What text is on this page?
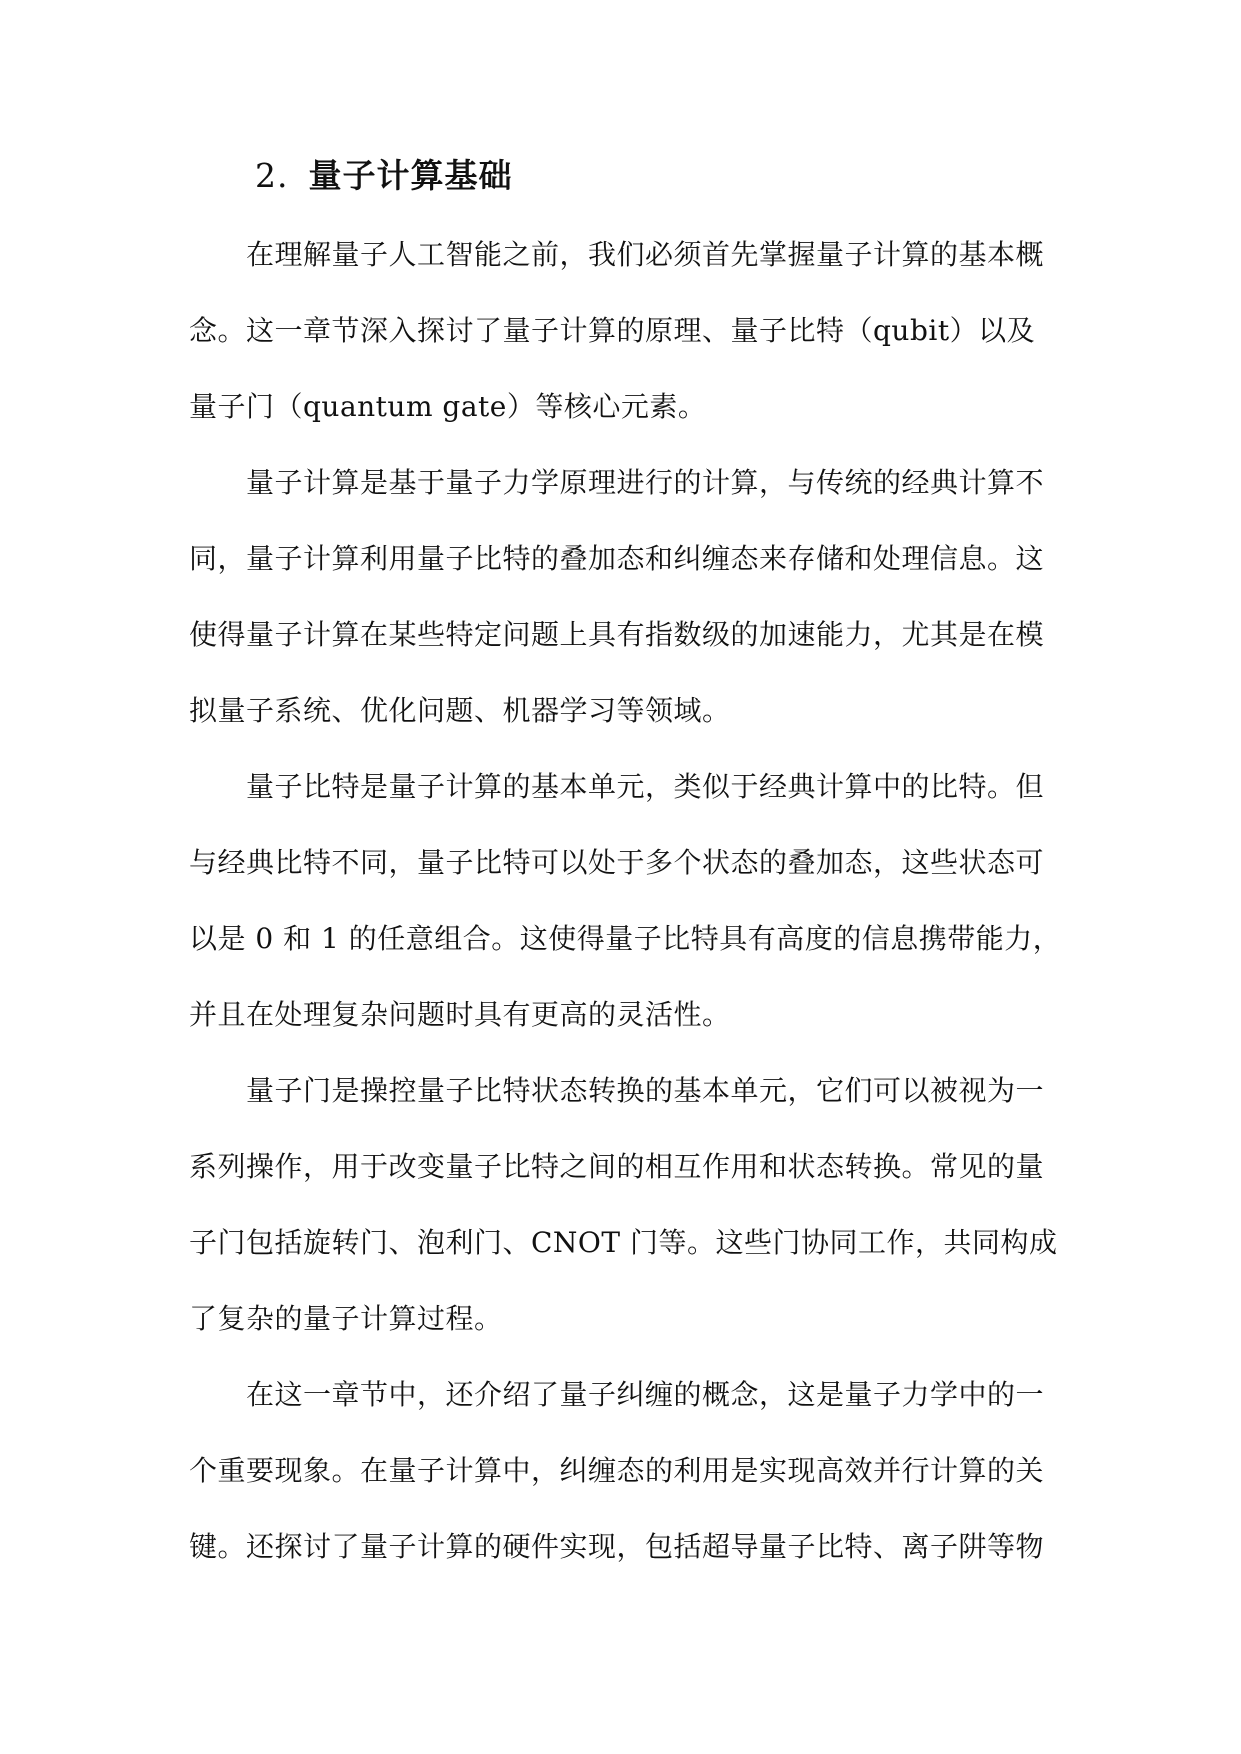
2. 量子计算基础
在理解量子人工智能之前，我们必须首先掌握量子计算的基本概
念。这一章节深入探讨了量子计算的原理、量子比特（qubit）以及
量子门（quantum gate）等核心元素。
量子计算是基于量子力学原理进行的计算，与传统的经典计算不
同，量子计算利用量子比特的叠加态和纠缠态来存储和处理信息。这
使得量子计算在某些特定问题上具有指数级的加速能力，尤其是在模
拟量子系统、优化问题、机器学习等领域。
量子比特是量子计算的基本单元，类似于经典计算中的比特。但
与经典比特不同，量子比特可以处于多个状态的叠加态，这些状态可
以是 0 和 1 的任意组合。这使得量子比特具有高度的信息携带能力，
并且在处理复杂问题时具有更高的灵活性。
量子门是操控量子比特状态转换的基本单元，它们可以被视为一
系列操作，用于改变量子比特之间的相互作用和状态转换。常见的量
子门包括旋转门、泡利门、CNOT 门等。这些门协同工作，共同构成
了复杂的量子计算过程。
在这一章节中，还介绍了量子纠缠的概念，这是量子力学中的一
个重要现象。在量子计算中，纠缠态的利用是实现高效并行计算的关
键。还探讨了量子计算的硬件实现，包括超导量子比特、离子阱等物
